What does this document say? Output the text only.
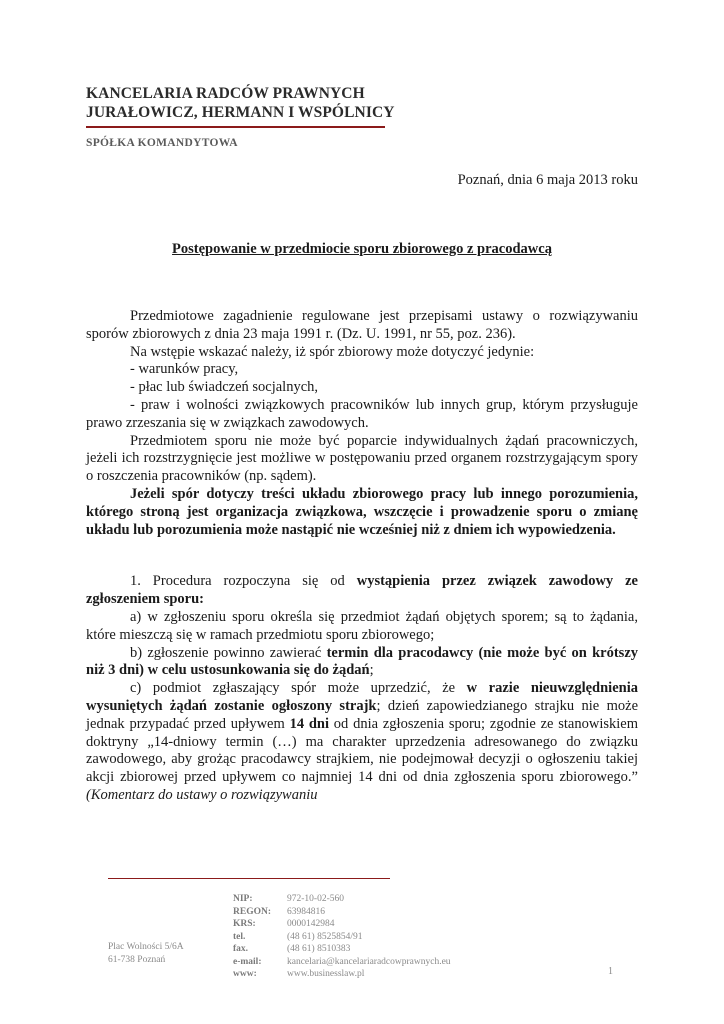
KANCELARIA RADCÓW PRAWNYCH
JURAŁOWICZ, HERMANN I WSPÓLNICY
SPÓŁKA KOMANDYTOWA
Poznań, dnia 6 maja 2013 roku
Postępowanie w przedmiocie sporu zbiorowego z pracodawcą

Przedmiotowe zagadnienie regulowane jest przepisami ustawy o rozwiązywaniu sporów zbiorowych z dnia 23 maja 1991 r. (Dz. U. 1991, nr 55, poz. 236).

Na wstępie wskazać należy, iż spór zbiorowy może dotyczyć jedynie:

- warunków pracy,

- płac lub świadczeń socjalnych,

- praw i wolności związkowych pracowników lub innych grup, którym przysługuje prawo zrzeszania się w związkach zawodowych.

Przedmiotem sporu nie może być poparcie indywidualnych żądań pracowniczych, jeżeli ich rozstrzygnięcie jest możliwe w postępowaniu przed organem rozstrzygającym spory o roszczenia pracowników (np. sądem).

Jeżeli spór dotyczy treści układu zbiorowego pracy lub innego porozumienia, którego stroną jest organizacja związkowa, wszczęcie i prowadzenie sporu o zmianę układu lub porozumienia może nastąpić nie wcześniej niż z dniem ich wypowiedzenia.

1. Procedura rozpoczyna się od wystąpienia przez związek zawodowy ze zgłoszeniem sporu:

a) w zgłoszeniu sporu określa się przedmiot żądań objętych sporem; są to żądania, które mieszczą się w ramach przedmiotu sporu zbiorowego;

b) zgłoszenie powinno zawierać termin dla pracodawcy (nie może być on krótszy niż 3 dni) w celu ustosunkowania się do żądań;

c) podmiot zgłaszający spór może uprzedzić, że w razie nieuwzględnienia wysuniętych żądań zostanie ogłoszony strajk; dzień zapowiedzianego strajku nie może jednak przypadać przed upływem 14 dni od dnia zgłoszenia sporu; zgodnie ze stanowiskiem doktryny „14-dniowy termin (…) ma charakter uprzedzenia adresowanego do związku zawodowego, aby grożąc pracodawcy strajkiem, nie podejmował decyzji o ogłoszeniu takiej akcji zbiorowej przed upływem co najmniej 14 dni od dnia zgłoszenia sporu zbiorowego.” (Komentarz do ustawy o rozwiązywaniu

Plac Wolności 5/6A
61-738 Poznań
NIP:
REGON:
KRS:
tel.
fax.
e-mail:
www:
972-10-02-560
63984816
0000142984
(48 61) 8525854/91
(48 61) 8510383
kancelaria@kancelariaradcowprawnych.eu
www.businesslaw.pl	1
